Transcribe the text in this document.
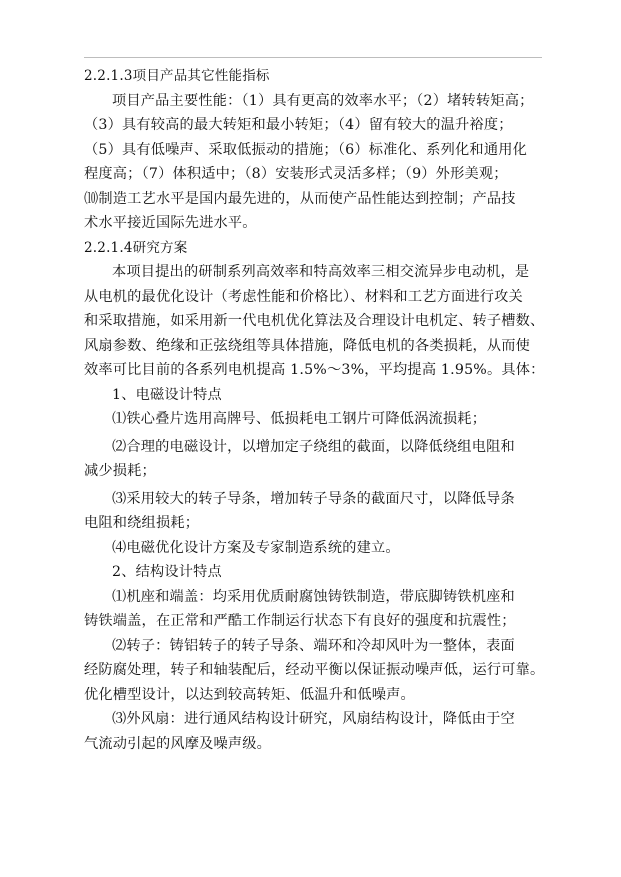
2.2.1.3项目产品其它性能指标
项目产品主要性能：（1）具有更高的效率水平；（2）堵转转矩高；
（3）具有较高的最大转矩和最小转矩；（4）留有较大的温升裕度；
（5）具有低噪声、采取低振动的措施；（6）标准化、系列化和通用化
程度高；（7）体积适中；（8）安装形式灵活多样；（9）外形美观；
⑽制造工艺水平是国内最先进的，从而使产品性能达到控制；产品技
术水平接近国际先进水平。
2.2.1.4研究方案
本项目提出的研制系列高效率和特高效率三相交流异步电动机，是
从电机的最优化设计（考虑性能和价格比）、材料和工艺方面进行攻关
和采取措施，如采用新一代电机优化算法及合理设计电机定、转子槽数、
风扇参数、绝缘和正弦绕组等具体措施，降低电机的各类损耗，从而使
效率可比目前的各系列电机提高 1.5%～3%，平均提高 1.95%。具体：
1、电磁设计特点
⑴铁心叠片选用高牌号、低损耗电工钢片可降低涡流损耗；
⑵合理的电磁设计，以增加定子绕组的截面，以降低绕组电阻和
减少损耗；
⑶采用较大的转子导条，增加转子导条的截面尺寸，以降低导条
电阻和绕组损耗；
⑷电磁优化设计方案及专家制造系统的建立。
2、结构设计特点
⑴机座和端盖：均采用优质耐腐蚀铸铁制造，带底脚铸铁机座和
铸铁端盖，在正常和严酷工作制运行状态下有良好的强度和抗震性；
⑵转子：铸铝转子的转子导条、端环和冷却风叶为一整体，表面
经防腐处理，转子和轴装配后，经动平衡以保证振动噪声低，运行可靠。
优化槽型设计，以达到较高转矩、低温升和低噪声。
⑶外风扇：进行通风结构设计研究，风扇结构设计，降低由于空
气流动引起的风摩及噪声级。
